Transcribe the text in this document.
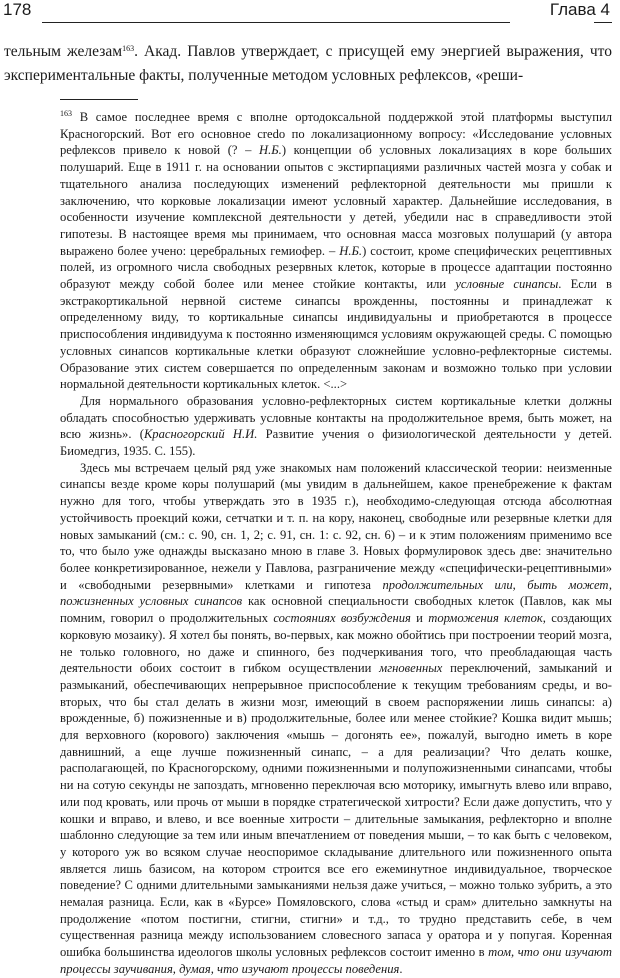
178	Глава 4

тельным железам$^{163}$. Акад. Павлов утверждает, с присущей ему энергией выражения, что экспериментальные факты, полученные методом условных рефлексов, «реши-

$^{163}$ В самое последнее время с вполне ортодоксальной поддержкой этой платформы выступил Красногорский. Вот его основное credo по локализационному вопросу: «Исследование условных рефлексов привело к новой (? – Н.Б.) концепции об условных локализациях в коре больших полушарий. Еще в 1911 г. на основании опытов с экстирпациями различных частей мозга у собак и тщательного анализа последующих изменений рефлекторной деятельности мы пришли к заключению, что корковые локализации имеют условный характер. Дальнейшие исследования, в особенности изучение комплексной деятельности у детей, убедили нас в справедливости этой гипотезы. В настоящее время мы принимаем, что основная масса мозговых полушарий (у автора выражено более учено: церебральных гемиофер. – Н.Б.) состоит, кроме специфических рецептивных полей, из огромного числа свободных резервных клеток, которые в процессе адаптации постоянно образуют между собой более или менее стойкие контакты, или условные синапсы. Если в экстракортикальной нервной системе синапсы врожденны, постоянны и принадлежат к определенному виду, то кортикальные синапсы индивидуальны и приобретаются в процессе приспособления индивидуума к постоянно изменяющимся условиям окружающей среды. С помощью условных синапсов кортикальные клетки образуют сложнейшие условно-рефлекторные системы. Образование этих систем совершается по определенным законам и возможно только при условии нормальной деятельности кортикальных клеток. <...>

Для нормального образования условно-рефлекторных систем кортикальные клетки должны обладать способностью удерживать условные контакты на продолжительное время, быть может, на всю жизнь». (Красногорский Н.И. Развитие учения о физиологической деятельности у детей. Биомедгиз, 1935. С. 155).

Здесь мы встречаем целый ряд уже знакомых нам положений классической теории: неизменные синапсы везде кроме коры полушарий (мы увидим в дальнейшем, какое пренебрежение к фактам нужно для того, чтобы утверждать это в 1935 г.), необходимо-следующая отсюда абсолютная устойчивость проекций кожи, сетчатки и т. п. на кору, наконец, свободные или резервные клетки для новых замыканий (см.: с. 90, сн. 1, 2; с. 91, сн. 1: с. 92, сн. 6) – и к этим положениям применимо все то, что было уже однажды высказано мною в главе 3. Новых формулировок здесь две: значительно более конкретизированное, нежели у Павлова, разграничение между «специфически-рецептивными» и «свободными резервными» клетками и гипотеза продолжительных или, быть может, пожизненных условных синапсов как основной специальности свободных клеток (Павлов, как мы помним, говорил о продолжительных состояниях возбуждения и торможения клеток, создающих корковую мозаику). Я хотел бы понять, во-первых, как можно обойтись при построении теорий мозга, не только головного, но даже и спинного, без подчеркивания того, что преобладающая часть деятельности обоих состоит в гибком осуществлении мгновенных переключений, замыканий и размыканий, обеспечивающих непрерывное приспособление к текущим требованиям среды, и во-вторых, что бы стал делать в жизни мозг, имеющий в своем распоряжении лишь синапсы: а) врожденные, б) пожизненные и в) продолжительные, более или менее стойкие? Кошка видит мышь; для верховного (корового) заключения «мышь – догонять ее», пожалуй, выгодно иметь в коре давнишний, а еще лучше пожизненный синапс, – а для реализации? Что делать кошке, располагающей, по Красногорскому, одними пожизненными и полупожизненными синапсами, чтобы ни на сотую секунды не запоздать, мгновенно переключая всю моторику, имыгнуть влево или вправо, или под кровать, или прочь от мыши в порядке стратегической хитрости? Если даже допустить, что у кошки и вправо, и влево, и все военные хитрости – длительные замыкания, рефлекторно и вполне шаблонно следующие за тем или иным впечатлением от поведения мыши, – то как быть с человеком, у которого уж во всяком случае неоспоримое складывание длительного или пожизненного опыта является лишь базисом, на котором строится все его ежеминутное индивидуальное, творческое поведение? С одними длительными замыканиями нельзя даже учиться, – можно только зубрить, а это немалая разница. Если, как в «Бурсе» Помяловского, слова «стыд и срам» длительно замкнуты на продолжение «потом постигни, стигни, стигни» и т.д., то трудно представить себе, в чем существенная разница между использованием словесного запаса у оратора и у попугая. Коренная ошибка большинства идеологов школы условных рефлексов состоит именно в том, что они изучают процессы заучивания, думая, что изучают процессы поведения.
